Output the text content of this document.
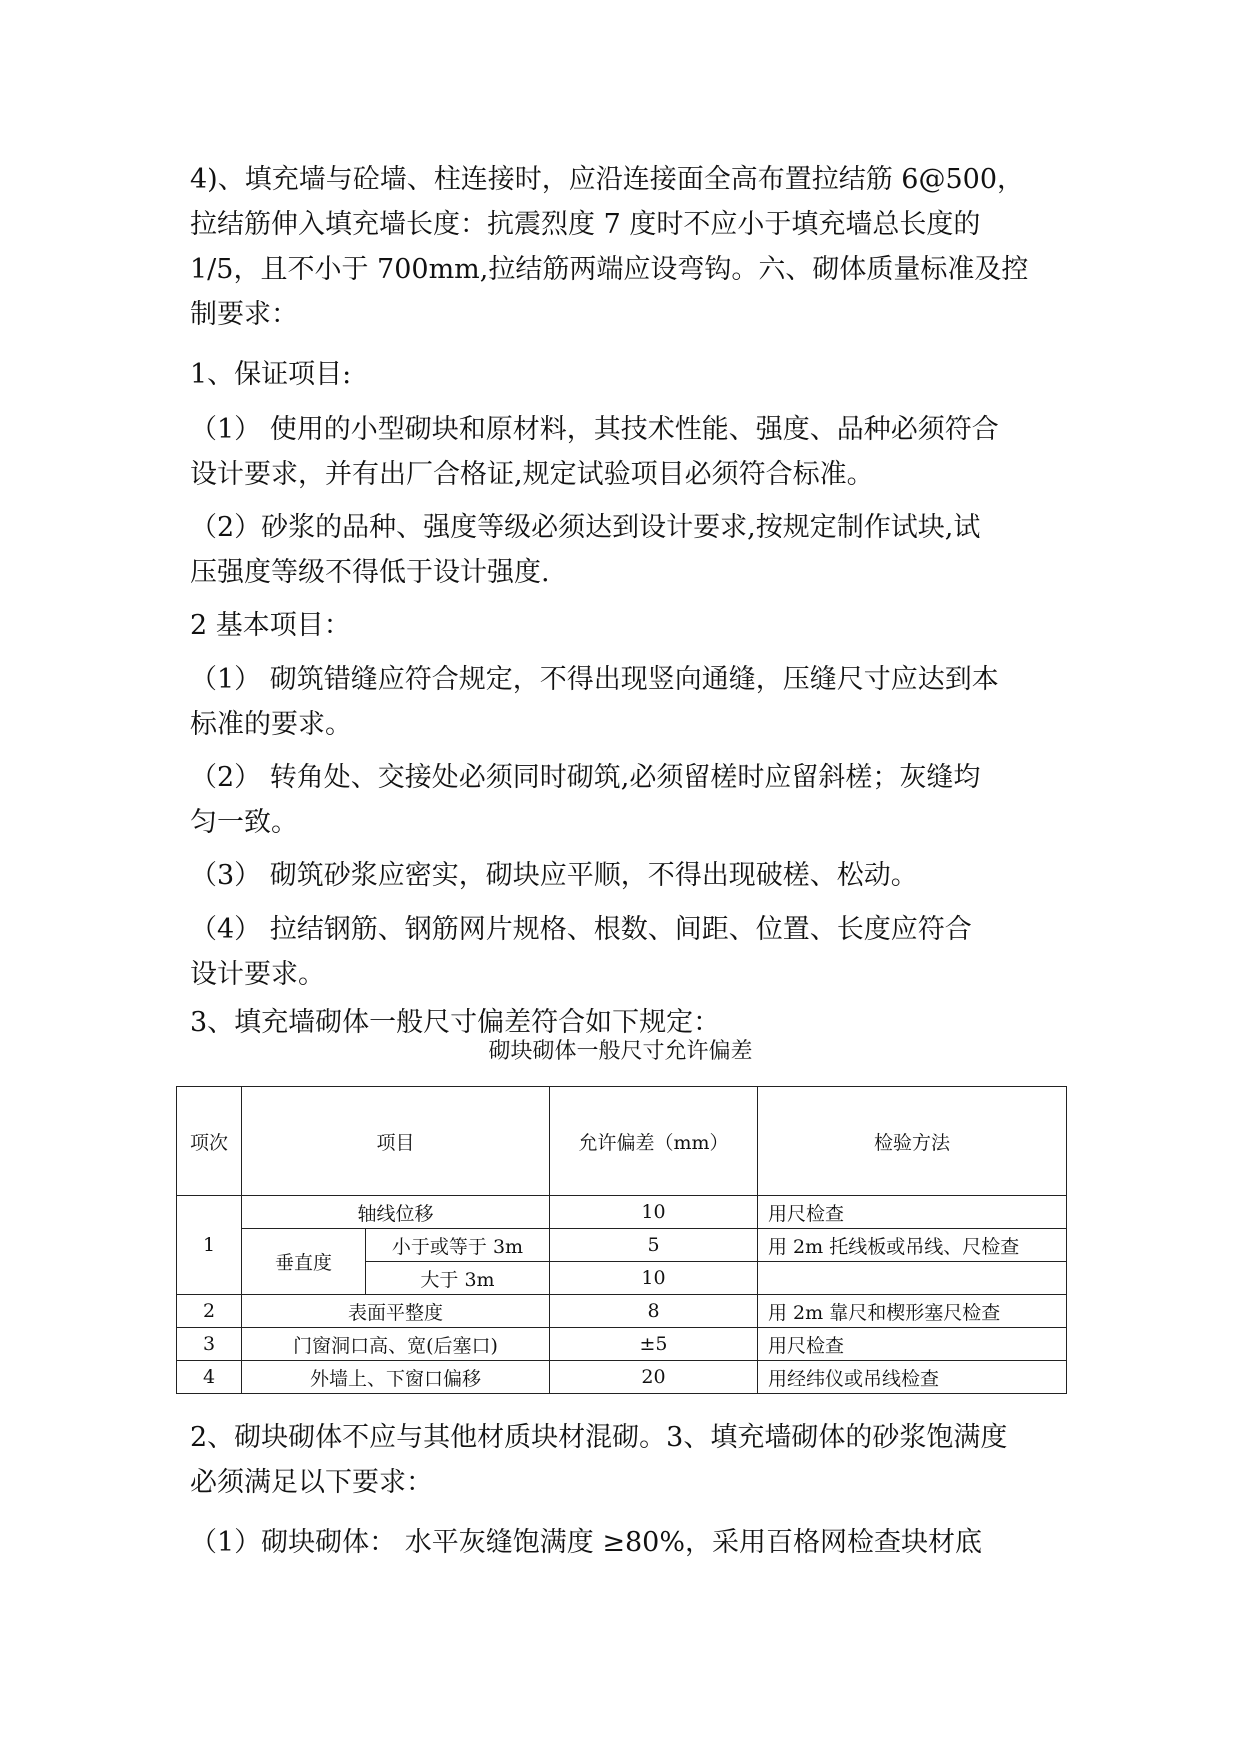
4)、填充墙与砼墙、柱连接时，应沿连接面全高布置拉结筋 6@500，

拉结筋伸入填充墙长度：抗震烈度 7 度时不应小于填充墙总长度的

1/5，且不小于 700mm,拉结筋两端应设弯钩。六、砌体质量标准及控

制要求：

1、保证项目:

（1） 使用的小型砌块和原材料，其技术性能、强度、品种必须符合

设计要求，并有出厂合格证,规定试验项目必须符合标准。

（2）砂浆的品种、强度等级必须达到设计要求,按规定制作试块,试

压强度等级不得低于设计强度.

2 基本项目：

（1） 砌筑错缝应符合规定，不得出现竖向通缝，压缝尺寸应达到本

标准的要求。

（2） 转角处、交接处必须同时砌筑,必须留槎时应留斜槎；灰缝均

匀一致。

（3） 砌筑砂浆应密实，砌块应平顺，不得出现破槎、松动。

（4） 拉结钢筋、钢筋网片规格、根数、间距、位置、长度应符合

设计要求。

3、填充墙砌体一般尺寸偏差符合如下规定：

砌块砌体一般尺寸允许偏差
项次	项目		允许偏差（mm）	检验方法
1	轴线位移		10	用尺检查
	垂直度	小于或等于 3m	5	用 2m 托线板或吊线、尺检查
		大于 3m	10	
2	表面平整度		8	用 2m 靠尺和楔形塞尺检查
3	门窗洞口高、宽(后塞口)		±5	用尺检查
4	外墙上、下窗口偏移		20	用经纬仪或吊线检查

2、砌块砌体不应与其他材质块材混砌。3、填充墙砌体的砂浆饱满度

必须满足以下要求：

（1）砌块砌体： 水平灰缝饱满度 ≥80%，采用百格网检查块材底
